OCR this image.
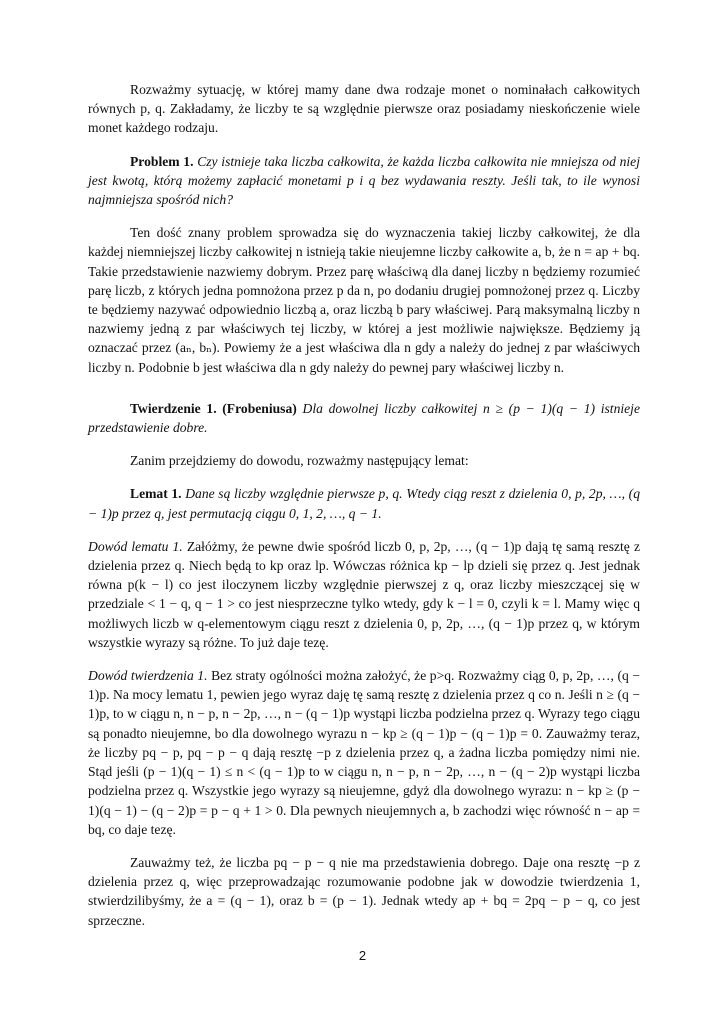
Rozważmy sytuację, w której mamy dane dwa rodzaje monet o nominałach całkowitych równych p, q. Zakładamy, że liczby te są względnie pierwsze oraz posiadamy nieskończenie wiele monet każdego rodzaju.

Problem 1. Czy istnieje taka liczba całkowita, że każda liczba całkowita nie mniejsza od niej jest kwotą, którą możemy zapłacić monetami p i q bez wydawania reszty. Jeśli tak, to ile wynosi najmniejsza spośród nich?

Ten dość znany problem sprowadza się do wyznaczenia takiej liczby całkowitej, że dla każdej niemniejszej liczby całkowitej n istnieją takie nieujemne liczby całkowite a, b, że n = ap + bq. Takie przedstawienie nazwiemy dobrym. Przez parę właściwą dla danej liczby n będziemy rozumieć parę liczb, z których jedna pomnożona przez p da n, po dodaniu drugiej pomnożonej przez q. Liczby te będziemy nazywać odpowiednio liczbą a, oraz liczbą b pary właściwej. Parą maksymalną liczby n nazwiemy jedną z par właściwych tej liczby, w której a jest możliwie największe. Będziemy ją oznaczać przez (aₙ, bₙ). Powiemy że a jest właściwa dla n gdy a należy do jednej z par właściwych liczby n. Podobnie b jest właściwa dla n gdy należy do pewnej pary właściwej liczby n.

Twierdzenie 1. (Frobeniusa) Dla dowolnej liczby całkowitej n ≥ (p − 1)(q − 1) istnieje przedstawienie dobre.

Zanim przejdziemy do dowodu, rozważmy następujący lemat:

Lemat 1. Dane są liczby względnie pierwsze p, q. Wtedy ciąg reszt z dzielenia 0, p, 2p, …, (q − 1)p przez q, jest permutacją ciągu 0, 1, 2, …, q − 1.

Dowód lematu 1. Załóżmy, że pewne dwie spośród liczb 0, p, 2p, …, (q − 1)p dają tę samą resztę z dzielenia przez q. Niech będą to kp oraz lp. Wówczas różnica kp − lp dzieli się przez q. Jest jednak równa p(k − l) co jest iloczynem liczby względnie pierwszej z q, oraz liczby mieszczącej się w przedziale < 1 − q, q − 1 > co jest niesprzeczne tylko wtedy, gdy k − l = 0, czyli k = l. Mamy więc q możliwych liczb w q-elementowym ciągu reszt z dzielenia 0, p, 2p, …, (q − 1)p przez q, w którym wszystkie wyrazy są różne. To już daje tezę.

Dowód twierdzenia 1. Bez straty ogólności można założyć, że p>q. Rozważmy ciąg 0, p, 2p, …, (q − 1)p. Na mocy lematu 1, pewien jego wyraz daję tę samą resztę z dzielenia przez q co n. Jeśli n ≥ (q − 1)p, to w ciągu n, n − p, n − 2p, …, n − (q − 1)p wystąpi liczba podzielna przez q. Wyrazy tego ciągu są ponadto nieujemne, bo dla dowolnego wyrazu n − kp ≥ (q − 1)p − (q − 1)p = 0. Zauważmy teraz, że liczby pq − p, pq − p − q dają resztę −p z dzielenia przez q, a żadna liczba pomiędzy nimi nie. Stąd jeśli (p − 1)(q − 1) ≤ n < (q − 1)p to w ciągu n, n − p, n − 2p, …, n − (q − 2)p wystąpi liczba podzielna przez q. Wszystkie jego wyrazy są nieujemne, gdyż dla dowolnego wyrazu: n − kp ≥ (p − 1)(q − 1) − (q − 2)p = p − q + 1 > 0. Dla pewnych nieujemnych a, b zachodzi więc równość n − ap = bq, co daje tezę.

Zauważmy też, że liczba pq − p − q nie ma przedstawienia dobrego. Daje ona resztę −p z dzielenia przez q, więc przeprowadzając rozumowanie podobne jak w dowodzie twierdzenia 1, stwierdzilibyśmy, że a = (q − 1), oraz b = (p − 1). Jednak wtedy ap + bq = 2pq − p − q, co jest sprzeczne.

2
